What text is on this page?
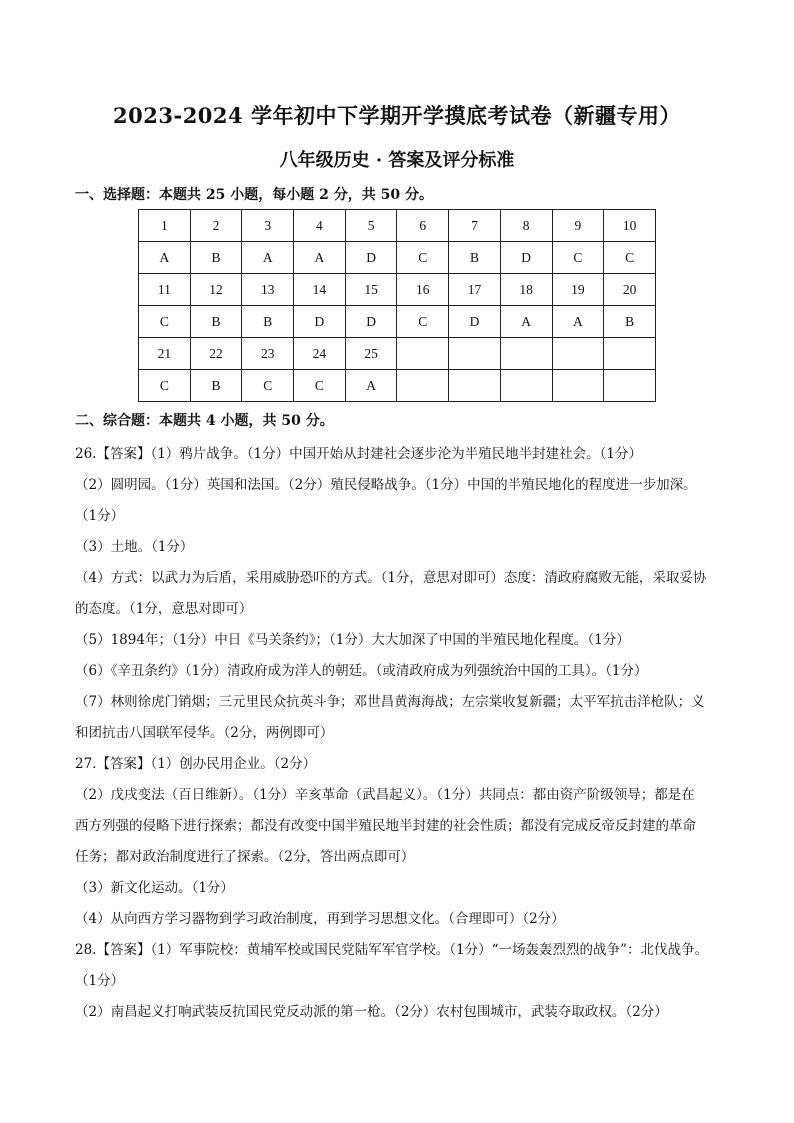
2023-2024 学年初中下学期开学摸底考试卷（新疆专用）
八年级历史 · 答案及评分标准
一、选择题：本题共 25 小题，每小题 2 分，共 50 分。
1	2	3	4	5	6	7	8	9	10
A	B	A	A	D	C	B	D	C	C
11	12	13	14	15	16	17	18	19	20
C	B	B	D	D	C	D	A	A	B
21	22	23	24	25					
C	B	C	C	A					
二、综合题：本题共 4 小题，共 50 分。
26.【答案】（1）鸦片战争。（1分）中国开始从封建社会逐步沦为半殖民地半封建社会。（1分）
（2）圆明园。（1分）英国和法国。（2分）殖民侵略战争。（1分）中国的半殖民地化的程度进一步加深。
（1分）
（3）土地。（1分）
（4）方式：以武力为后盾，采用威胁恐吓的方式。（1分，意思对即可）态度：清政府腐败无能，采取妥协
的态度。（1分，意思对即可）
（5）1894年；（1分）中日《马关条约》；（1分）大大加深了中国的半殖民地化程度。（1分）
（6）《辛丑条约》（1分）清政府成为洋人的朝廷。（或清政府成为列强统治中国的工具）。（1分）
（7）林则徐虎门销烟；三元里民众抗英斗争；邓世昌黄海海战；左宗棠收复新疆；太平军抗击洋枪队；义
和团抗击八国联军侵华。（2分，两例即可）
27.【答案】（1）创办民用企业。（2分）
（2）戊戌变法（百日维新）。（1分）辛亥革命（武昌起义）。（1分）共同点：都由资产阶级领导；都是在
西方列强的侵略下进行探索；都没有改变中国半殖民地半封建的社会性质；都没有完成反帝反封建的革命
任务；都对政治制度进行了探索。（2分，答出两点即可）
（3）新文化运动。（1分）
（4）从向西方学习器物到学习政治制度，再到学习思想文化。（合理即可）（2分）
28.【答案】（1）军事院校：黄埔军校或国民党陆军军官学校。（1分）“一场轰轰烈烈的战争”：北伐战争。
（1分）
（2）南昌起义打响武装反抗国民党反动派的第一枪。（2分）农村包围城市，武装夺取政权。（2分）
